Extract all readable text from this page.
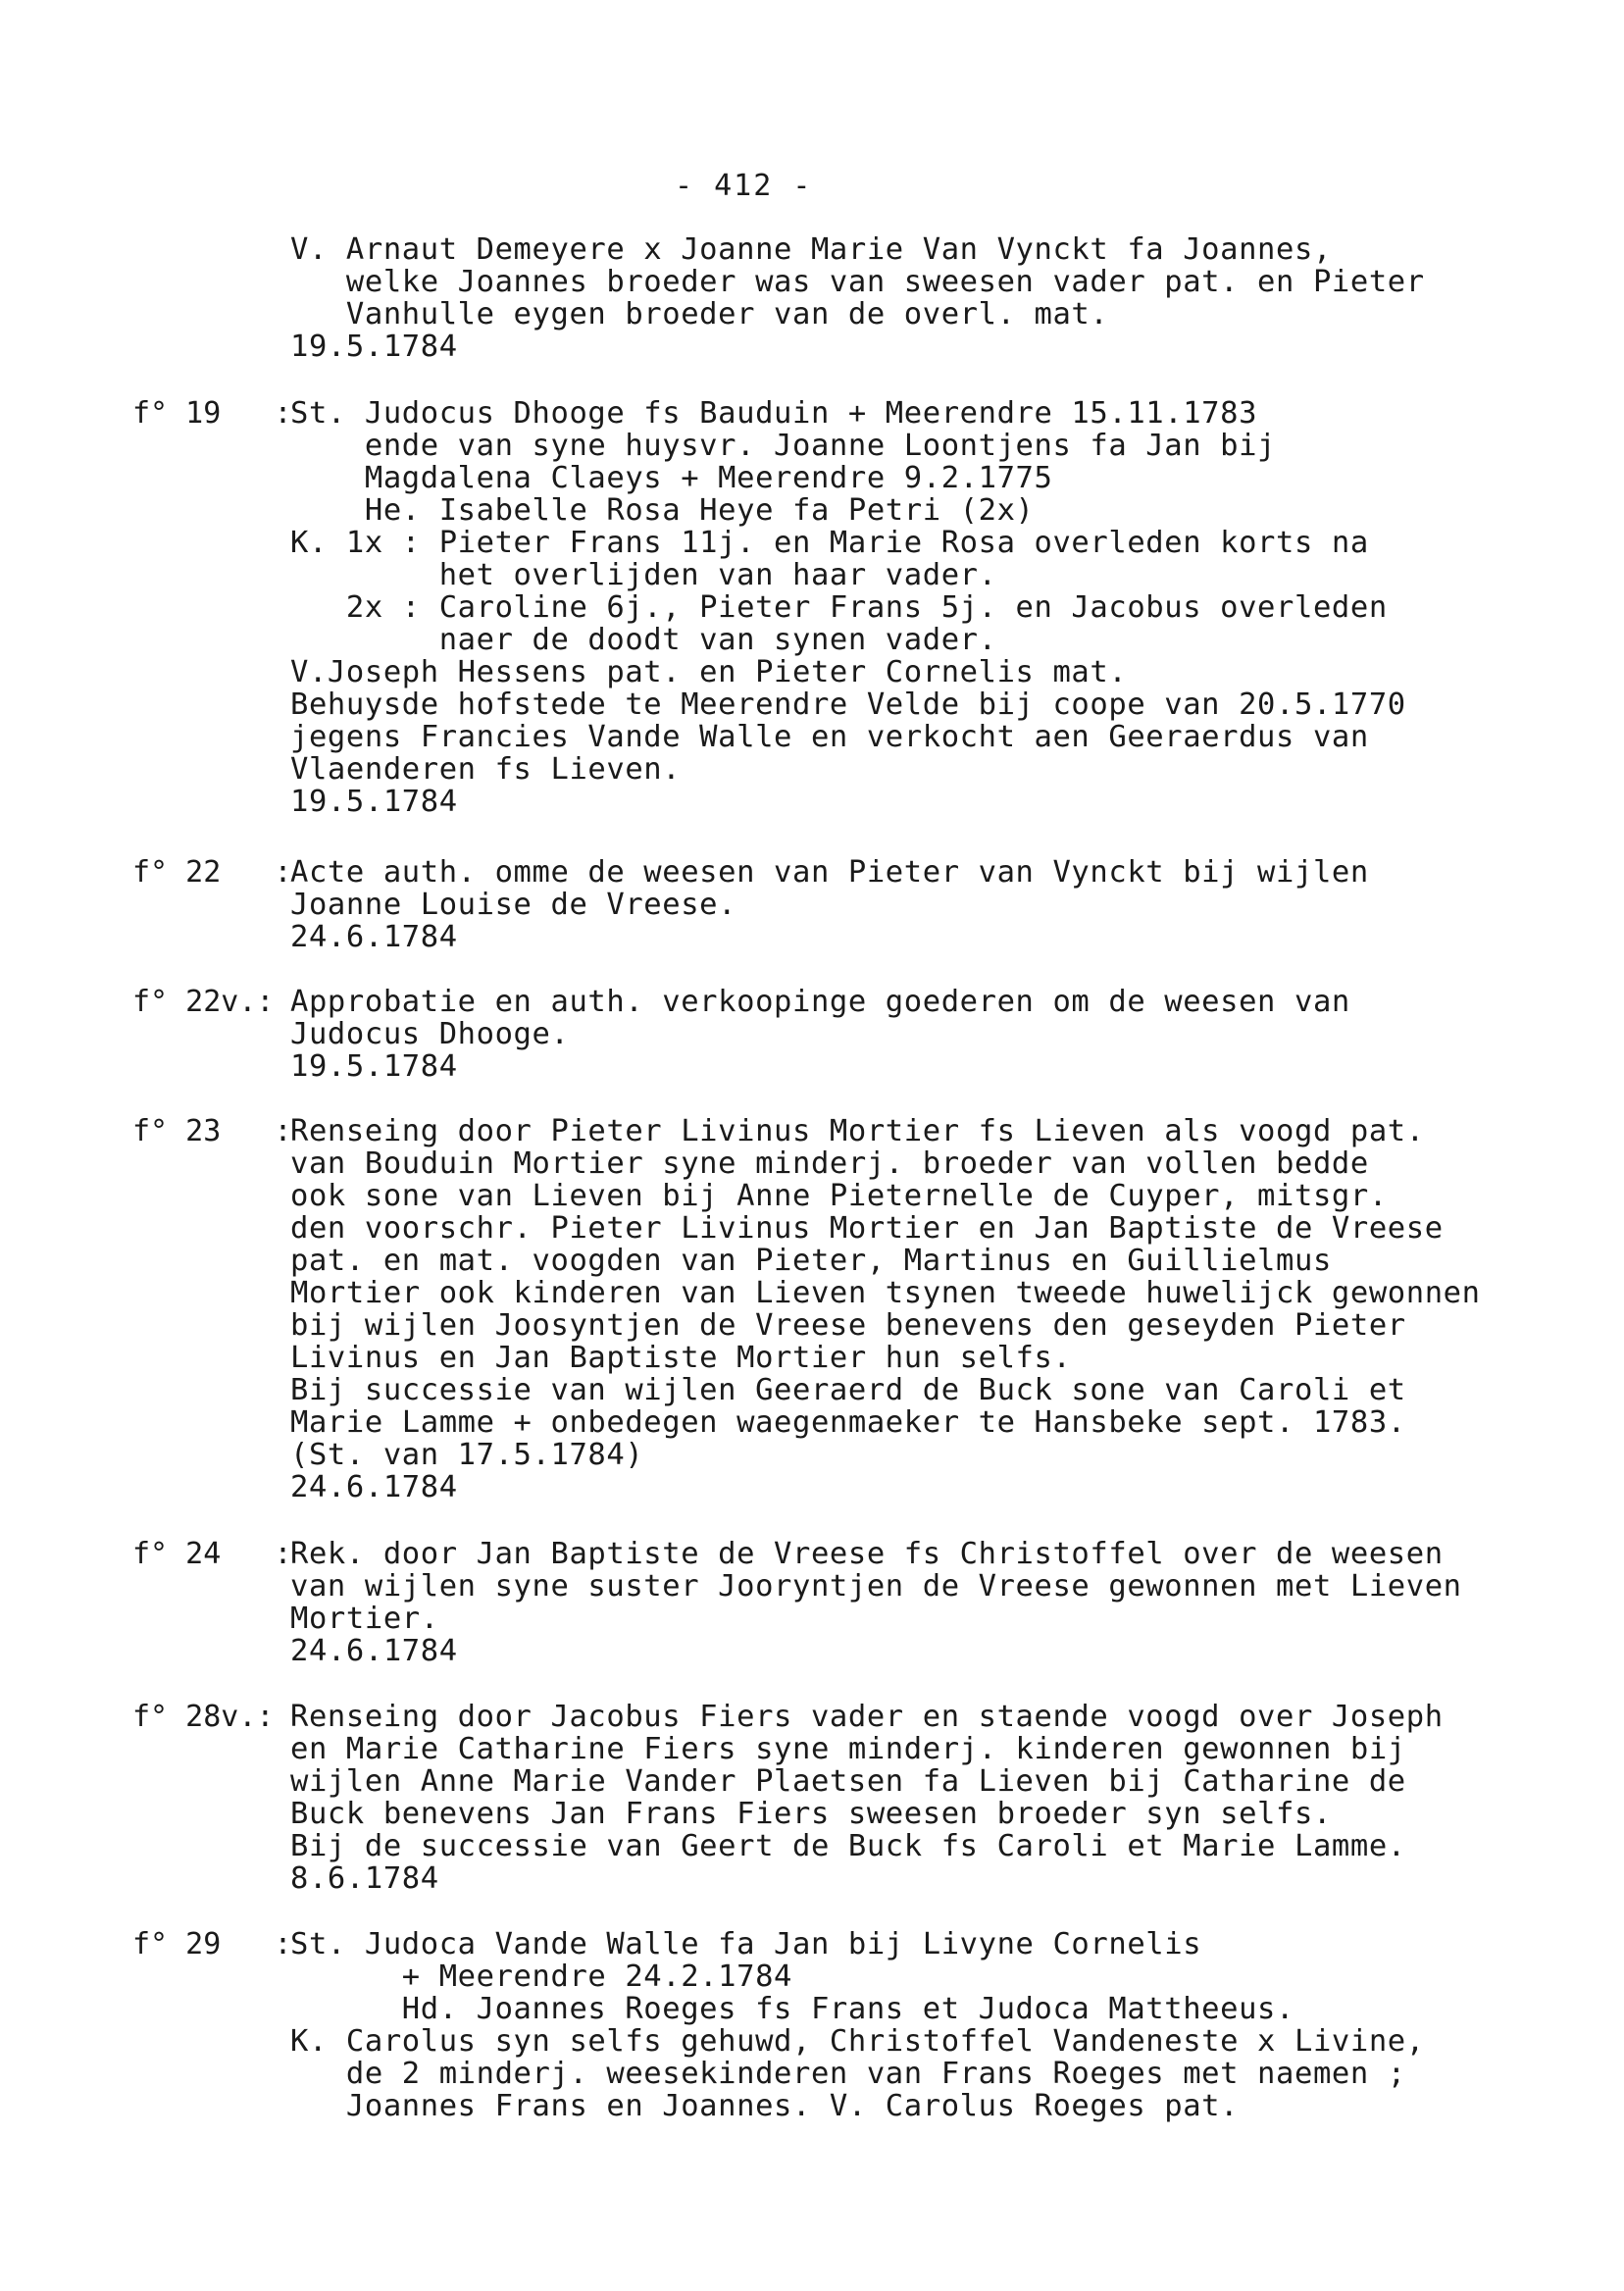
- 412 -
V. Arnaut Demeyere x Joanne Marie Van Vynckt fa Joannes,
welke Joannes broeder was van sweesen vader pat. en Pieter
Vanhulle eygen broeder van de overl. mat.
19.5.1784
f° 19   :
St. Judocus Dhooge fs Bauduin + Meerendre 15.11.1783
ende van syne huysvr. Joanne Loontjens fa Jan bij
Magdalena Claeys + Meerendre 9.2.1775
He. Isabelle Rosa Heye fa Petri (2x)
K. 1x : Pieter Frans 11j. en Marie Rosa overleden korts na
het overlijden van haar vader.
2x : Caroline 6j., Pieter Frans 5j. en Jacobus overleden
naer de doodt van synen vader.
V.Joseph Hessens pat. en Pieter Cornelis mat.
Behuysde hofstede te Meerendre Velde bij coope van 20.5.1770
jegens Francies Vande Walle en verkocht aen Geeraerdus van
Vlaenderen fs Lieven.
19.5.1784
f° 22   :
Acte auth. omme de weesen van Pieter van Vynckt bij wijlen
Joanne Louise de Vreese.
24.6.1784
f° 22v.: Approbatie en auth. verkoopinge goederen om de weesen van
Judocus Dhooge.
19.5.1784
f° 23   :
Renseing door Pieter Livinus Mortier fs Lieven als voogd pat.
van Bouduin Mortier syne minderj. broeder van vollen bedde
ook sone van Lieven bij Anne Pieternelle de Cuyper, mitsgr.
den voorschr. Pieter Livinus Mortier en Jan Baptiste de Vreese
pat. en mat. voogden van Pieter, Martinus en Guillielmus
Mortier ook kinderen van Lieven tsynen tweede huwelijck gewonnen
bij wijlen Joosyntjen de Vreese benevens den geseyden Pieter
Livinus en Jan Baptiste Mortier hun selfs.
Bij successie van wijlen Geeraerd de Buck sone van Caroli et
Marie Lamme + onbedegen waegenmaeker te Hansbeke sept. 1783.
(St. van 17.5.1784)
24.6.1784
f° 24   :
Rek. door Jan Baptiste de Vreese fs Christoffel over de weesen
van wijlen syne suster Jooryntjen de Vreese gewonnen met Lieven
Mortier.
24.6.1784
f° 28v.: Renseing door Jacobus Fiers vader en staende voogd over Joseph
en Marie Catharine Fiers syne minderj. kinderen gewonnen bij
wijlen Anne Marie Vander Plaetsen fa Lieven bij Catharine de
Buck benevens Jan Frans Fiers sweesen broeder syn selfs.
Bij de successie van Geert de Buck fs Caroli et Marie Lamme.
8.6.1784
f° 29   :
St. Judoca Vande Walle fa Jan bij Livyne Cornelis
+ Meerendre 24.2.1784
Hd. Joannes Roeges fs Frans et Judoca Mattheeus.
K. Carolus syn selfs gehuwd, Christoffel Vandeneste x Livine,
de 2 minderj. weesekinderen van Frans Roeges met naemen ;
Joannes Frans en Joannes. V. Carolus Roeges pat.
